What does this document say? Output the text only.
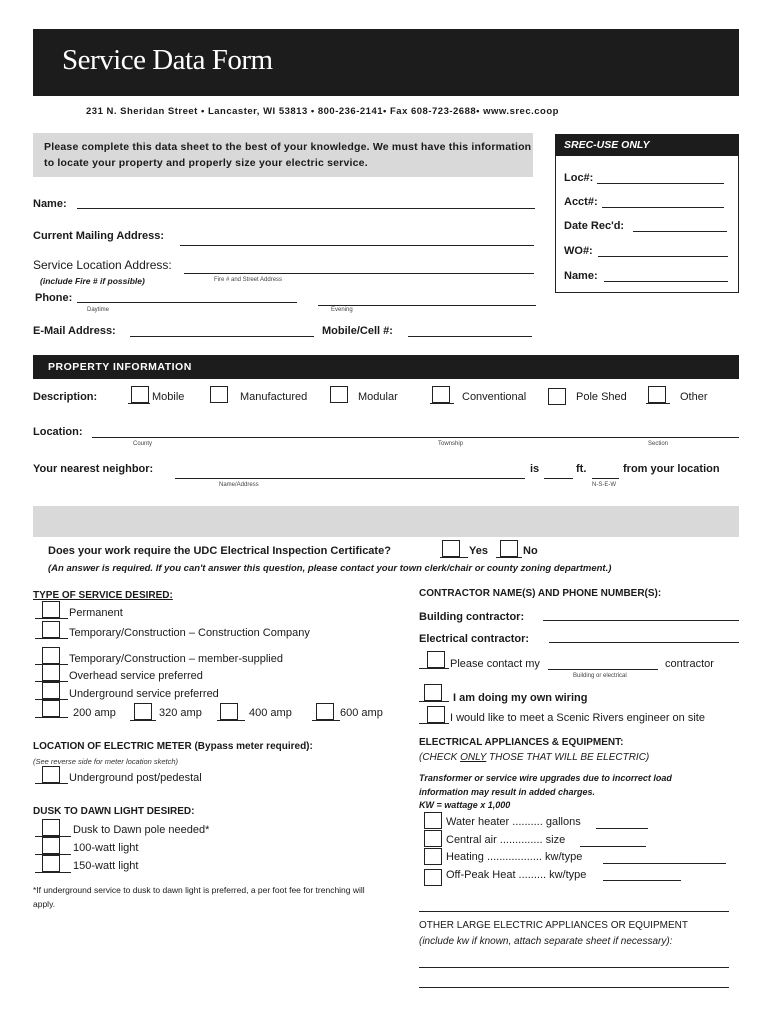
Service Data Form
231 N. Sheridan Street • Lancaster, WI 53813 • 800-236-2141• Fax 608-723-2688• www.srec.coop
Please complete this data sheet to the best of your knowledge. We must have this information to locate your property and properly size your electric service.
SREC-USE ONLY
Loc#:
Acct#:
Date Rec'd:
WO#:
Name:
Name:
Current Mailing Address:
Service Location Address:
(include Fire # if possible)	Fire # and Street Address
Phone:
Daytime	Evening
E-Mail Address:	Mobile/Cell #:
PROPERTY INFORMATION
Description:	Mobile	Manufactured	Modular	Conventional	Pole Shed	Other
Location:
County	Township	Section
Your nearest neighbor:
Name/Address
is	ft.	from your location
N-S-E-W
Does your work require the UDC Electrical Inspection Certificate?	Yes	No
(An answer is required. If you can't answer this question, please contact your town clerk/chair or county zoning department.)
TYPE OF SERVICE DESIRED:
Permanent
Temporary/Construction – Construction Company
Temporary/Construction – member-supplied
Overhead service preferred
Underground service preferred
200 amp	320 amp	400 amp	600 amp
LOCATION OF ELECTRIC METER (Bypass meter required):
(See reverse side for meter location sketch)
Underground post/pedestal
DUSK TO DAWN LIGHT DESIRED:
Dusk to Dawn pole needed*
100-watt light
150-watt light
*If underground service to dusk to dawn light is preferred, a per foot fee for trenching will apply.
CONTRACTOR NAME(S) AND PHONE NUMBER(S):
Building contractor:
Electrical contractor:
Please contact my	contractor
Building or electrical
I am doing my own wiring
I would like to meet a Scenic Rivers engineer on site
ELECTRICAL APPLIANCES & EQUIPMENT:
(CHECK ONLY THOSE THAT WILL BE ELECTRIC)
Transformer or service wire upgrades due to incorrect load information may result in added charges.
KW = wattage x 1,000
Water heater .......... gallons
Central air .............. size
Heating .................. kw/type
Off-Peak Heat ......... kw/type
OTHER LARGE ELECTRIC APPLIANCES OR EQUIPMENT
(include kw if known, attach separate sheet if necessary):
